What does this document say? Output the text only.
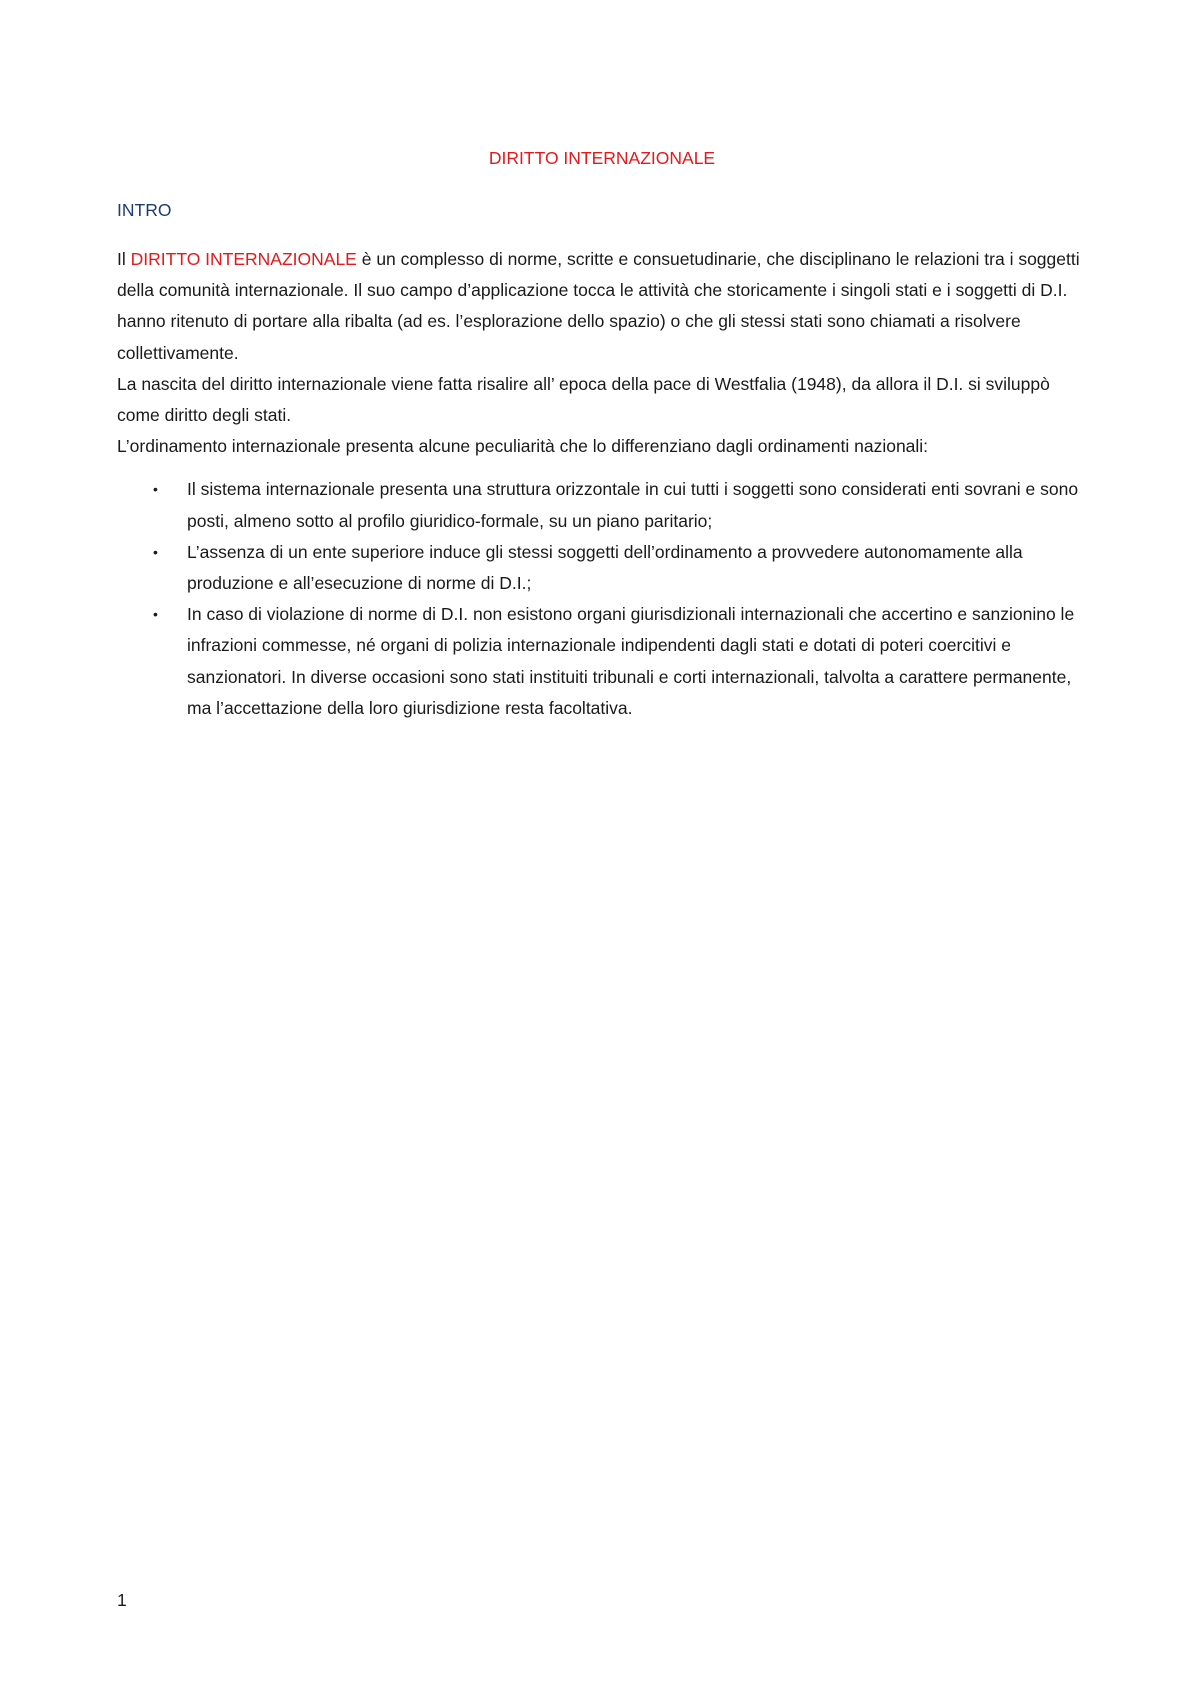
DIRITTO INTERNAZIONALE
INTRO

Il DIRITTO INTERNAZIONALE è un complesso di norme, scritte e consuetudinarie, che disciplinano le relazioni tra i soggetti della comunità internazionale. Il suo campo d’applicazione tocca le attività che storicamente i singoli stati e i soggetti di D.I. hanno ritenuto di portare alla ribalta (ad es. l’esplorazione dello spazio) o che gli stessi stati sono chiamati a risolvere collettivamente.

La nascita del diritto internazionale viene fatta risalire all’ epoca della pace di Westfalia (1948), da allora il D.I. si sviluppò come diritto degli stati.

L’ordinamento internazionale presenta alcune peculiarità che lo differenziano dagli ordinamenti nazionali:

• Il sistema internazionale presenta una struttura orizzontale in cui tutti i soggetti sono considerati enti sovrani e sono posti, almeno sotto al profilo giuridico-formale, su un piano paritario;
• L’assenza di un ente superiore induce gli stessi soggetti dell’ordinamento a provvedere autonomamente alla produzione e all’esecuzione di norme di D.I.;
• In caso di violazione di norme di D.I. non esistono organi giurisdizionali internazionali che accertino e sanzionino le infrazioni commesse, né organi di polizia internazionale indipendenti dagli stati e dotati di poteri coercitivi e sanzionatori. In diverse occasioni sono stati instituiti tribunali e corti internazionali, talvolta a carattere permanente, ma l’accettazione della loro giurisdizione resta facoltativa.
1
